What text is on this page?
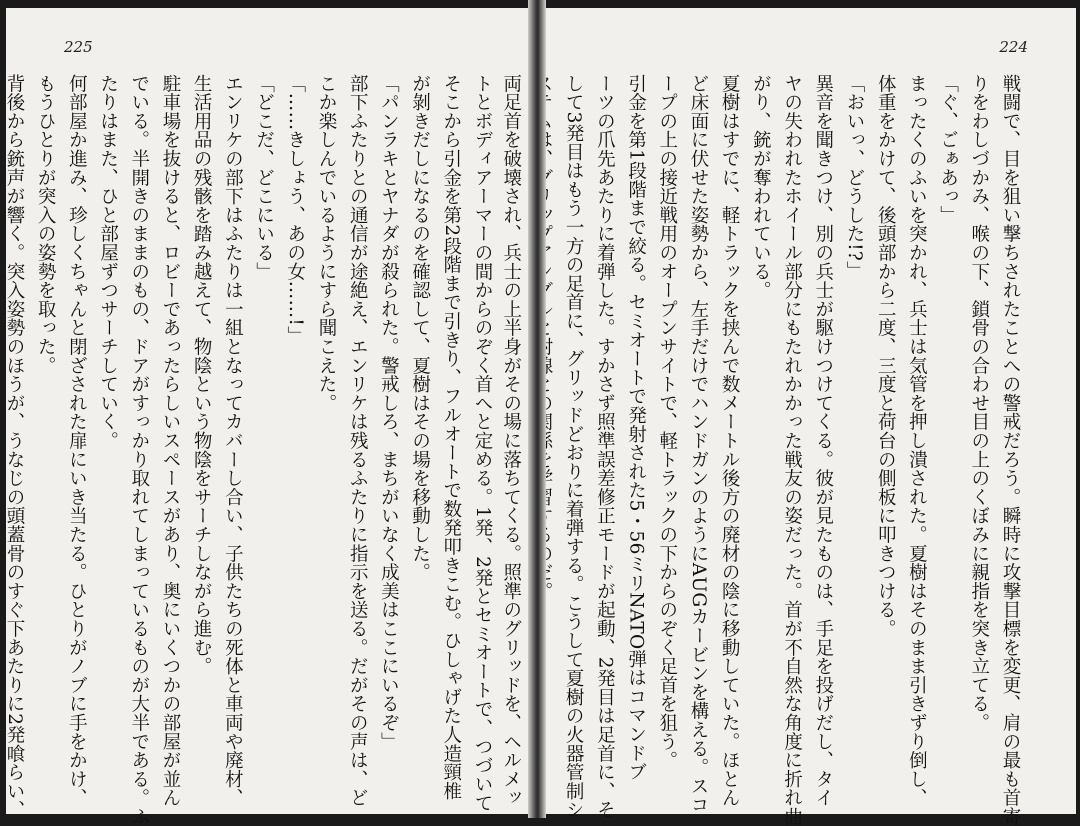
225
トとボディアーマーの間からのぞく首へと定める。1発、2発とセミオートで、つづいて
そこから引金を第2段階まで引きり、フルオートで数発叩きこむ。ひしゃげた人造頸椎
が剝きだしになるのを確認して、夏樹はその場を移動した。
「パンラキとヤナダが殺られた。警戒しろ、まちがいなく成美はここにいるぞ」
部下ふたりとの通信が途絶え、エンリケは残るふたりに指示を送る。だがその声は、ど
こか楽しんでいるようにすら聞こえた。
「……きしょう、あの女……!」
「どこだ、どこにいる」
エンリケの部下はふたりは一組となってカバーし合い、子供たちの死体と車両や廃材、
生活用品の残骸を踏み越えて、物陰という物陰をサーチしながら進む。
駐車場を抜けると、ロビーであったらしいスペースがあり、奥にいくつかの部屋が並ん
でいる。半開きのままのもの、ドアがすっかり取れてしまっているものが大半である。ふ
たりはまた、ひと部屋ずつサーチしていく。
何部屋か進み、珍しくちゃんと閉ざされた扉にいき当たる。ひとりがノブに手をかけ、
もうひとりが突入の姿勢を取った。
背後から銃声が響く。突入姿勢のほうが、うなじの頭蓋骨のすぐ下あたりに2発喰らい、
224
戦闘で、目を狙い撃ちされたことへの警戒だろう。瞬時に攻撃目標を変更、肩の最も首寄
りをわしづかみ、喉の下、鎖骨の合わせ目の上のくぼみに親指を突き立てる。
「ぐ、ごぁあっ」
まったくのふいを突かれ、兵士は気管を押し潰された。夏樹はそのまま引きずり倒し、
体重をかけて、後頭部から二度、三度と荷台の側板に叩きつける。
「おいっ、どうした!?」
異音を聞きつけ、別の兵士が駆けつけてくる。彼が見たものは、手足を投げだし、タイ
ヤの失われたホイール部分にもたれかかった戦友の姿だった。首が不自然な角度に折れ曲
がり、銃が奪われている。
夏樹はすでに、軽トラックを挟んで数メートル後方の廃材の陰に移動していた。ほとん
ど床面に伏せた姿勢から、左手だけでハンドガンのようにAUGカービンを構える。スコ
ープの上の接近戦用のオープンサイトで、軽トラックの下からのぞく足首を狙う。
引金を第1段階まで絞る。セミオートで発射された5・56ミリNATO弾はコマンドブ
ーツの爪先あたりに着弾した。すかさず照準誤差修正モードが起動、2発目は足首に、そ
して3発目はもう一方の足首に、グリッドどおりに着弾する。こうして夏樹の火器管制シ
両足首を破壊され、兵士の上半身がその場に落ちてくる。照準のグリッドを、ヘルメッ
